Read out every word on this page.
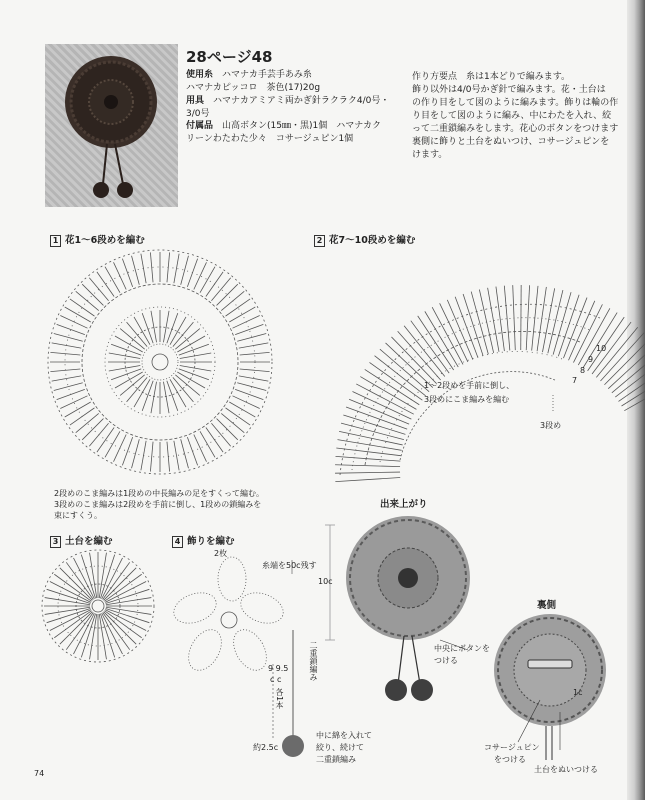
28ページ48
使用糸　 ハマナカ手芸手あみ糸
ハマナカピッコロ　茶色(17)20g
用具　 ハマナカアミアミ両かぎ針ラクラク4/0号・
3/0号
付属品　 山高ボタン(15㎜・黒)1個　ハマナカク
リーンわたわた少々　コサージュピン1個
作り方要点　糸は1本どりで編みます。
飾り以外は4/0号かぎ針で編みます。花・土台は
の作り目をして図のように編みます。飾りは輪の作
り目をして図のように編み、中にわたを入れ、絞
って二重鎖編みをします。花心のボタンをつけます
裏側に飾りと土台をぬいつけ、コサージュピンを
けます。
1 花1〜6段めを編む	2 花7〜10段めを編む
3 土台を編む	4 飾りを編む
出来上がり
裏側
1〜2段めを手前に倒し、
3段めにこま編みを編む
3段め
7
8
9
10
2段めのこま編みは1段めの中長編みの足をすくって編む。
3段めのこま編みは2段めを手前に倒し、1段めの鎖編みを
束にすくう。
2枚
糸端を50c残す
二重鎖編み
9 9.5
c c
各1本
約2.5c
中に綿を入れて
絞り、続けて
二重鎖編み
10c
中央にボタンを
つける
1c
コサージュピン
をつける
土台をぬいつける
74
